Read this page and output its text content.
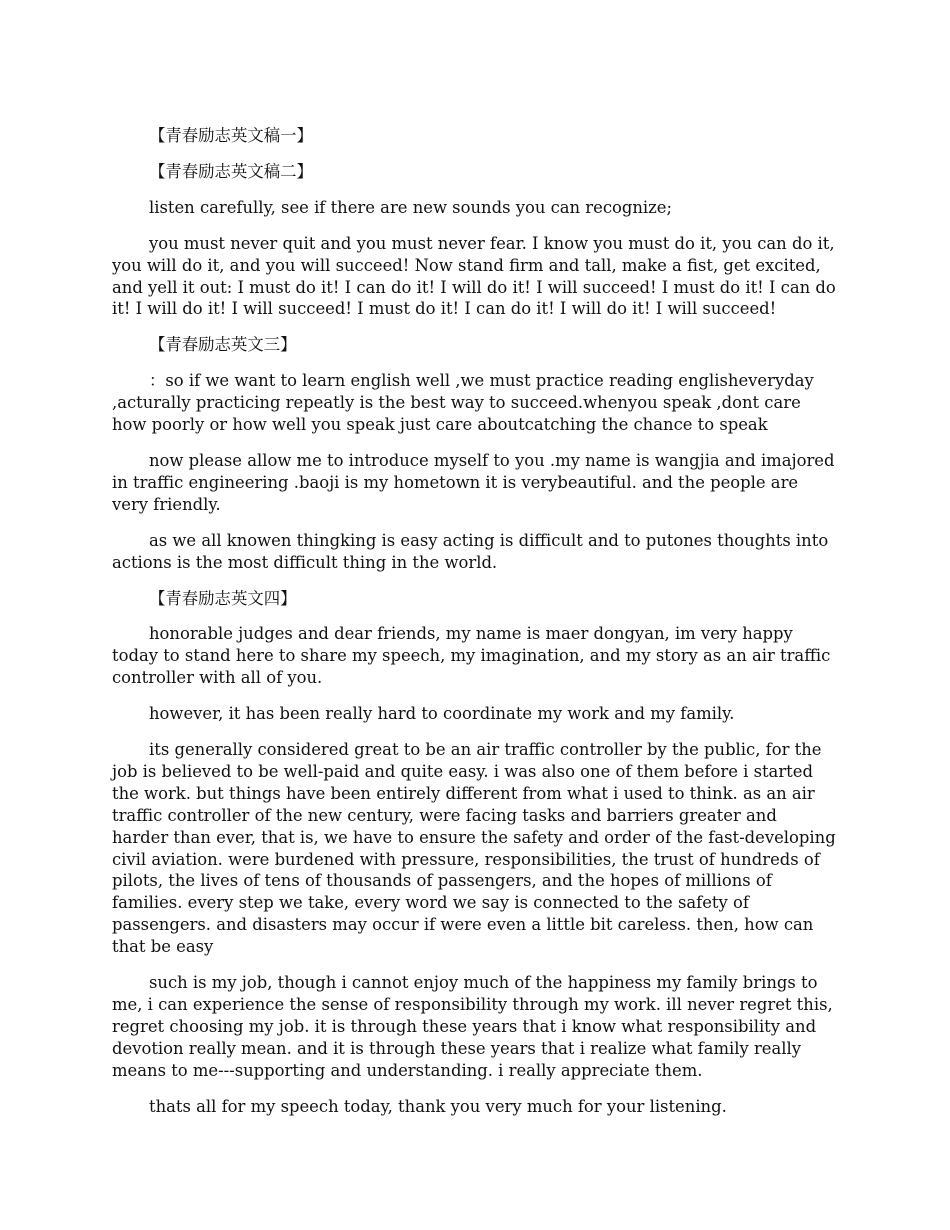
【青春励志英文稿一】

【青春励志英文稿二】

listen carefully, see if there are new sounds you can recognize;

you must never quit and you must never fear. I know you must do it, you can do it, you will do it, and you will succeed! Now stand firm and tall, make a fist, get excited, and yell it out: I must do it! I can do it! I will do it! I will succeed! I must do it! I can do it! I will do it! I will succeed! I must do it! I can do it! I will do it! I will succeed!

【青春励志英文三】

：so if we want to learn english well ,we must practice reading englisheveryday ,acturally practicing repeatly is the best way to succeed.whenyou speak ,dont care how poorly or how well you speak just care aboutcatching the chance to speak

now please allow me to introduce myself to you .my name is wangjia and imajored in traffic engineering .baoji is my hometown it is verybeautiful. and the people are very friendly.

as we all knowen thingking is easy acting is difficult and to putones thoughts into actions is the most difficult thing in the world.

【青春励志英文四】

honorable judges and dear friends, my name is maer dongyan, im very happy today to stand here to share my speech, my imagination, and my story as an air traffic controller with all of you.

however, it has been really hard to coordinate my work and my family.

its generally considered great to be an air traffic controller by the public, for the job is believed to be well-paid and quite easy. i was also one of them before i started the work. but things have been entirely different from what i used to think. as an air traffic controller of the new century, were facing tasks and barriers greater and harder than ever, that is, we have to ensure the safety and order of the fast-developing civil aviation. were burdened with pressure, responsibilities, the trust of hundreds of pilots, the lives of tens of thousands of passengers, and the hopes of millions of families. every step we take, every word we say is connected to the safety of passengers. and disasters may occur if were even a little bit careless. then, how can that be easy

such is my job, though i cannot enjoy much of the happiness my family brings to me, i can experience the sense of responsibility through my work. ill never regret this, regret choosing my job. it is through these years that i know what responsibility and devotion really mean. and it is through these years that i realize what family really means to me---supporting and understanding. i really appreciate them.

thats all for my speech today, thank you very much for your listening.
